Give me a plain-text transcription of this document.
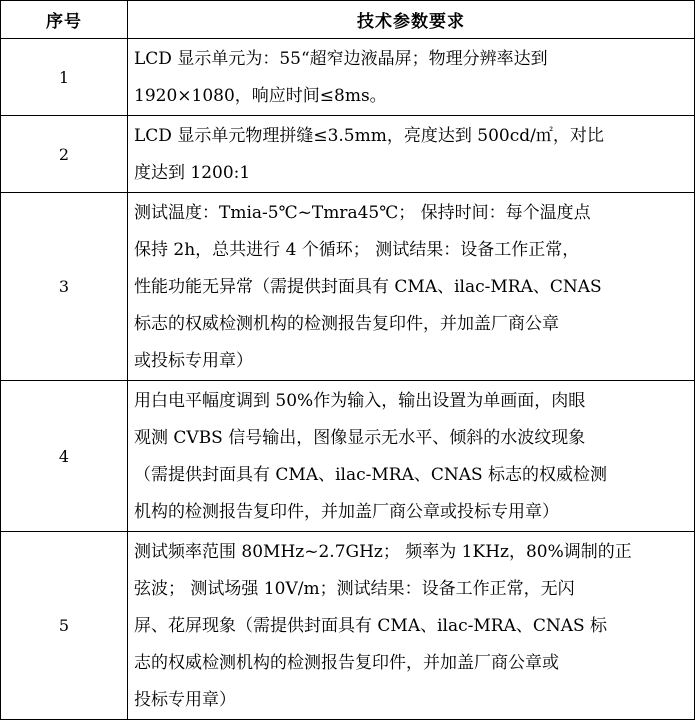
序号	技术参数要求
1	LCD 显示单元为：55“超窄边液晶屏；物理分辨率达到
1920×1080，响应时间≤8ms。

2	LCD 显示单元物理拼缝≤3.5mm，亮度达到 500cd/㎡，对比
度达到 1200:1

3	测试温度：Tmia-5℃~Tmra45℃； 保持时间：每个温度点
保持 2h，总共进行 4 个循环； 测试结果：设备工作正常，
性能功能无异常（需提供封面具有 CMA、ilac-MRA、CNAS
标志的权威检测机构的检测报告复印件，并加盖厂商公章
或投标专用章）

4	用白电平幅度调到 50%作为输入，输出设置为单画面，肉眼
观测 CVBS 信号输出，图像显示无水平、倾斜的水波纹现象
（需提供封面具有 CMA、ilac-MRA、CNAS 标志的权威检测
机构的检测报告复印件，并加盖厂商公章或投标专用章）

5	测试频率范围 80MHz~2.7GHz； 频率为 1KHz，80%调制的正
弦波； 测试场强 10V/m；测试结果：设备工作正常，无闪
屏、花屏现象（需提供封面具有 CMA、ilac-MRA、CNAS 标
志的权威检测机构的检测报告复印件，并加盖厂商公章或
投标专用章）
